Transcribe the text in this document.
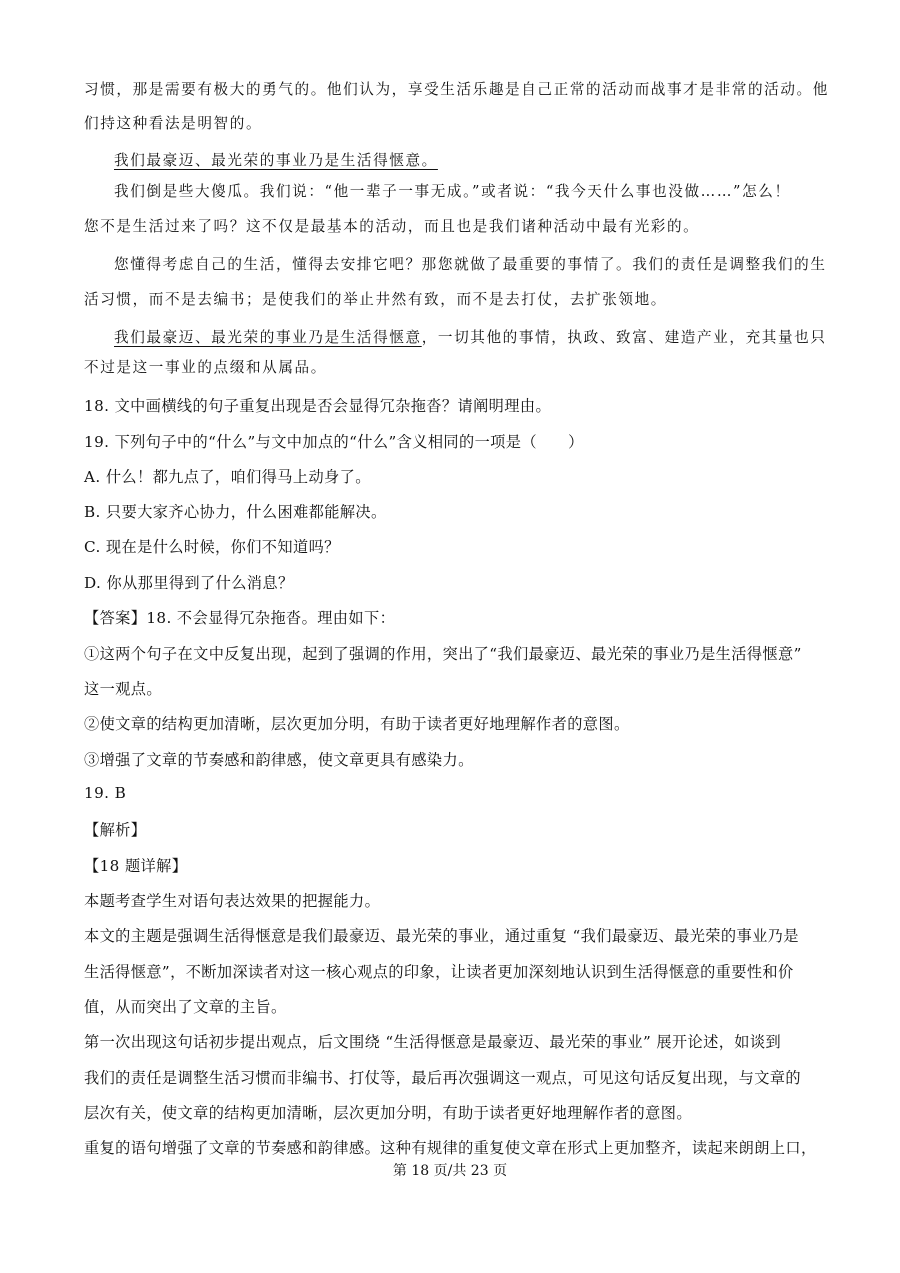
习惯，那是需要有极大的勇气的。他们认为，享受生活乐趣是自己正常的活动而战事才是非常的活动。他
们持这种看法是明智的。
我们最豪迈、最光荣的事业乃是生活得惬意。
我们倒是些大傻瓜。我们说：“他一辈子一事无成。”或者说：“我今天什么事也没做……”怎么！
您不是生活过来了吗？这不仅是最基本的活动，而且也是我们诸种活动中最有光彩的。
您懂得考虑自己的生活，懂得去安排它吧？那您就做了最重要的事情了。我们的责任是调整我们的生
活习惯，而不是去编书；是使我们的举止井然有致，而不是去打仗，去扩张领地。
我们最豪迈、最光荣的事业乃是生活得惬意，一切其他的事情，执政、致富、建造产业，充其量也只
不过是这一事业的点缀和从属品。
18. 文中画横线的句子重复出现是否会显得冗杂拖沓？请阐明理由。
19. 下列句子中的“什么”与文中加点的“什么”含义相同的一项是（　　）
A. 什么！都九点了，咱们得马上动身了。
B. 只要大家齐心协力，什么困难都能解决。
C. 现在是什么时候，你们不知道吗？
D. 你从那里得到了什么消息？
【答案】18. 不会显得冗杂拖沓。理由如下：
①这两个句子在文中反复出现，起到了强调的作用，突出了“我们最豪迈、最光荣的事业乃是生活得惬意”
这一观点。
②使文章的结构更加清晰，层次更加分明，有助于读者更好地理解作者的意图。
③增强了文章的节奏感和韵律感，使文章更具有感染力。
19. B
【解析】
【18 题详解】
本题考查学生对语句表达效果的把握能力。
本文的主题是强调生活得惬意是我们最豪迈、最光荣的事业，通过重复 “我们最豪迈、最光荣的事业乃是
生活得惬意”，不断加深读者对这一核心观点的印象，让读者更加深刻地认识到生活得惬意的重要性和价
值，从而突出了文章的主旨。
第一次出现这句话初步提出观点，后文围绕 “生活得惬意是最豪迈、最光荣的事业” 展开论述，如谈到
我们的责任是调整生活习惯而非编书、打仗等，最后再次强调这一观点，可见这句话反复出现，与文章的
层次有关，使文章的结构更加清晰，层次更加分明，有助于读者更好地理解作者的意图。
重复的语句增强了文章的节奏感和韵律感。这种有规律的重复使文章在形式上更加整齐，读起来朗朗上口，
第 18 页/共 23 页
